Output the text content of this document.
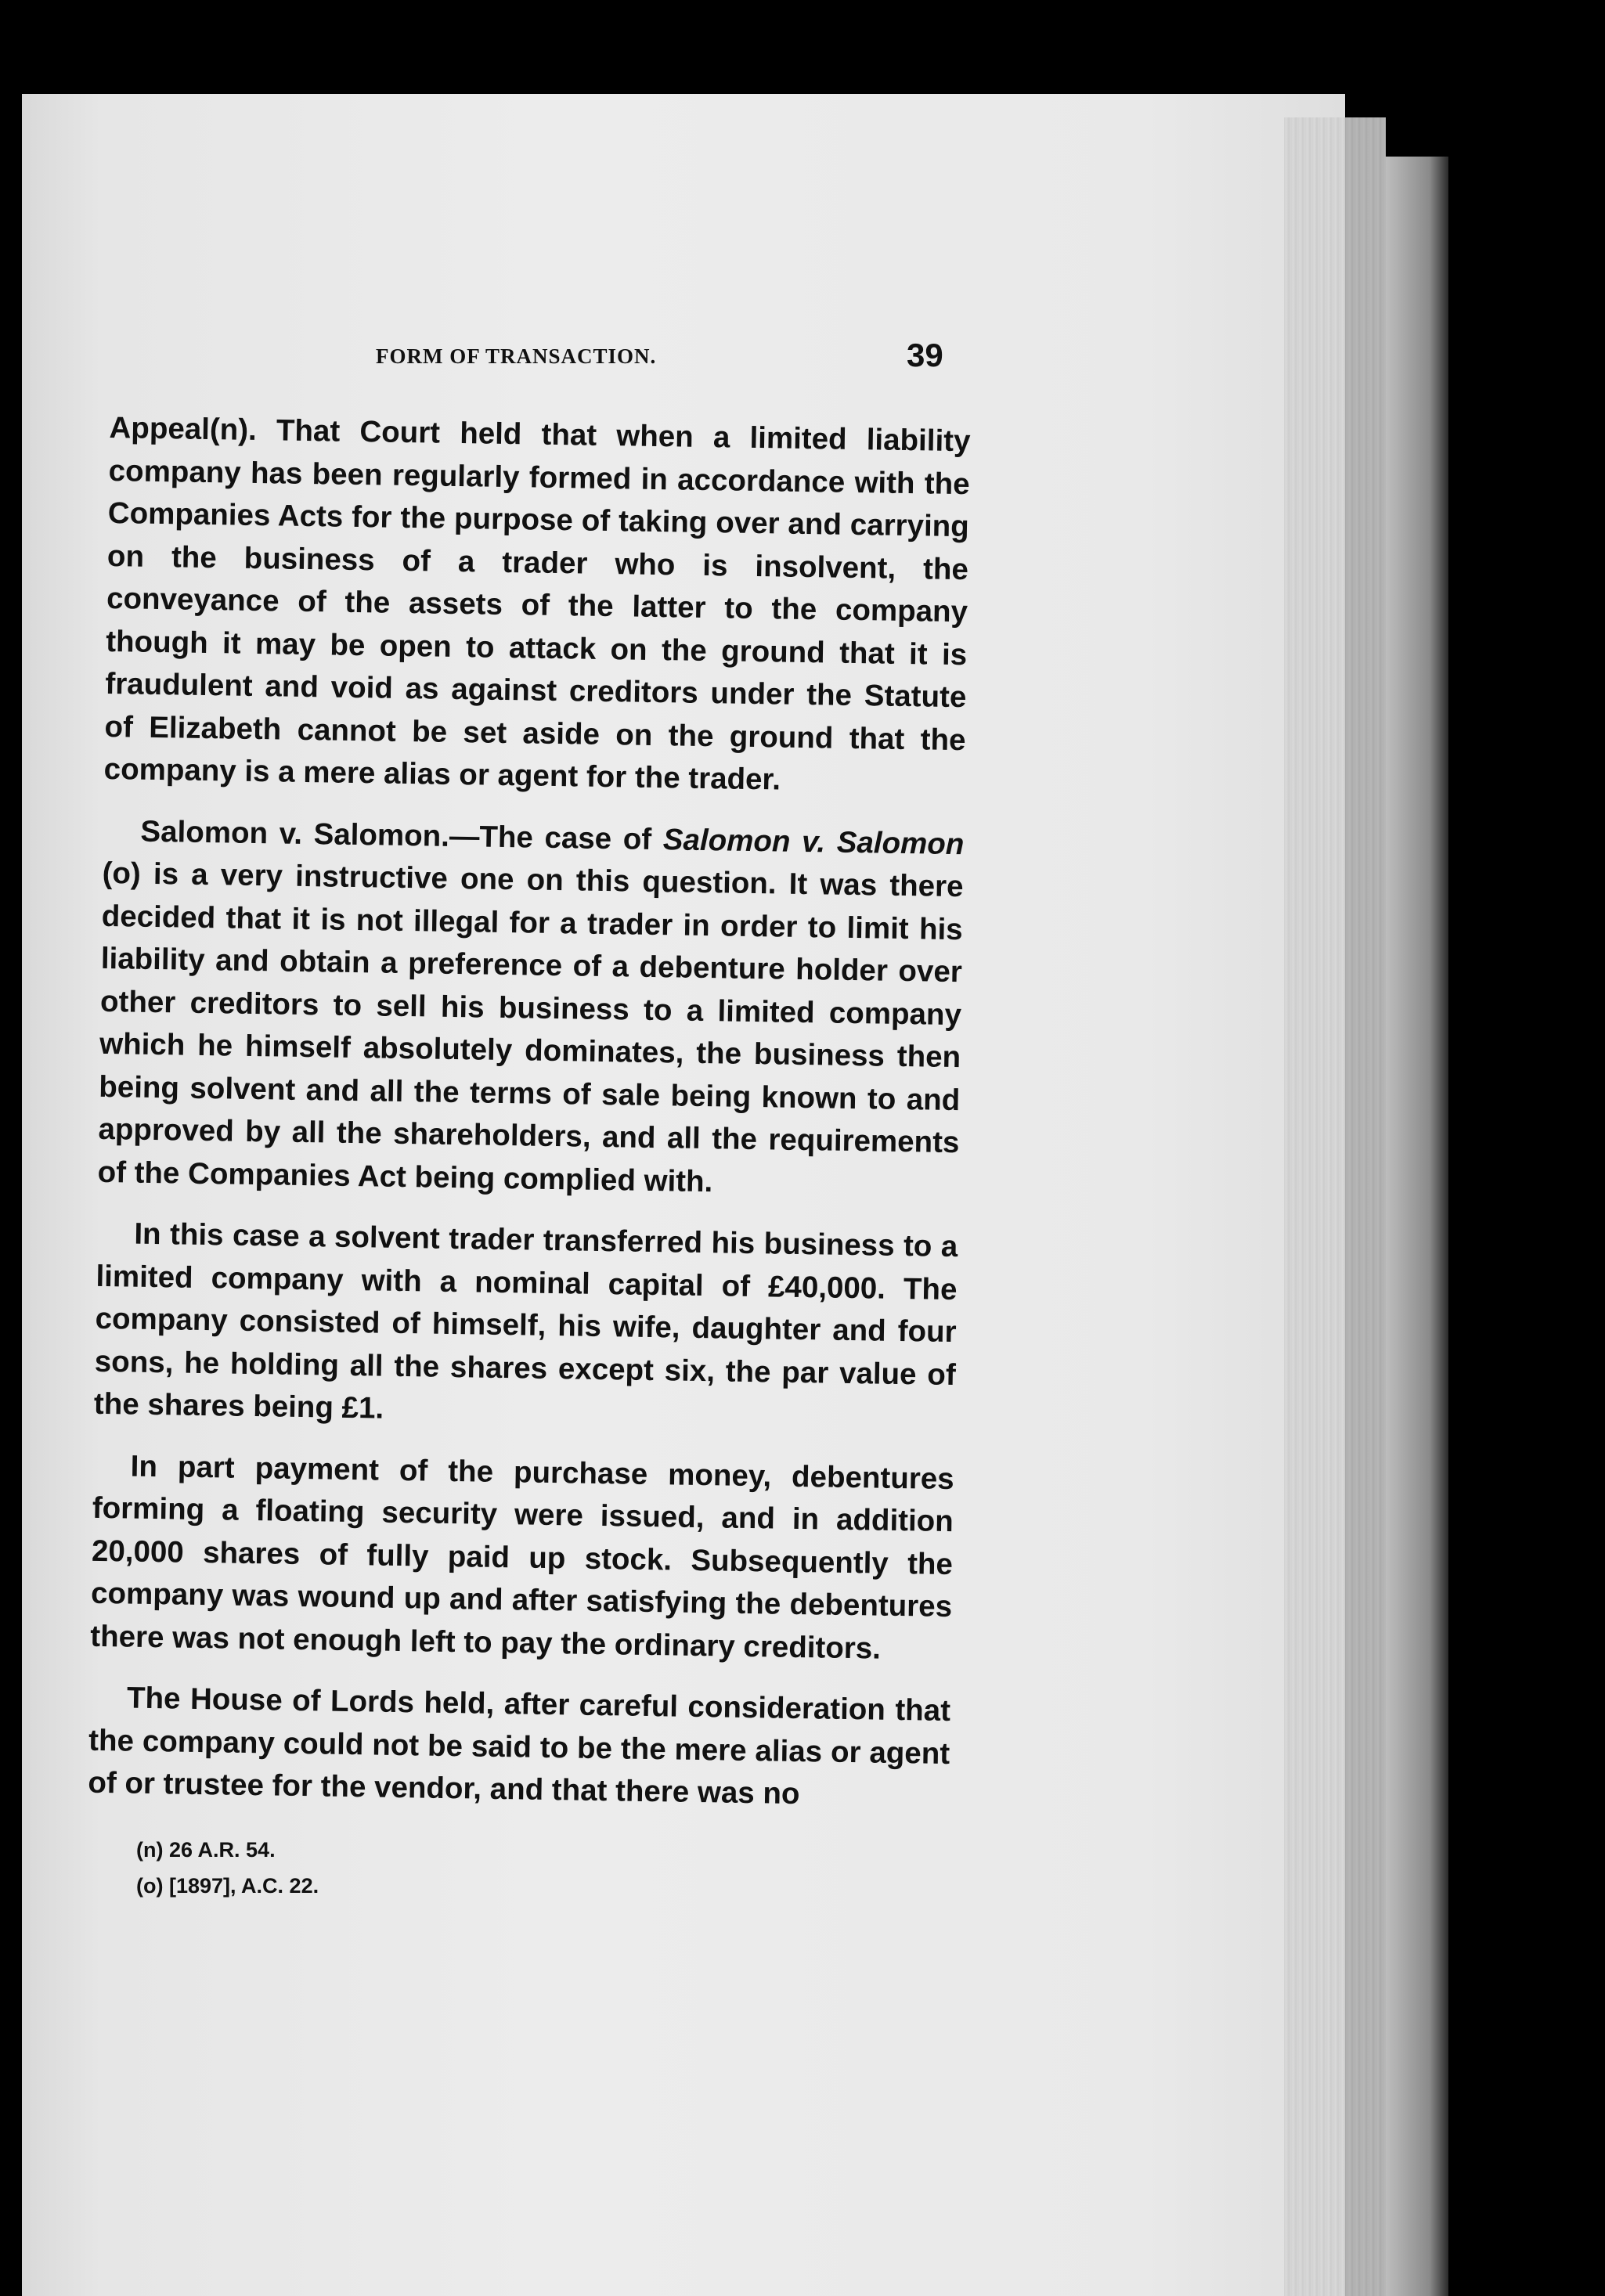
FORM OF TRANSACTION.	39

Appeal(n). That Court held that when a limited liability company has been regularly formed in accordance with the Companies Acts for the purpose of taking over and carrying on the business of a trader who is insolvent, the conveyance of the assets of the latter to the company though it may be open to attack on the ground that it is fraudulent and void as against creditors under the Statute of Elizabeth cannot be set aside on the ground that the company is a mere alias or agent for the trader.

Salomon v. Salomon.—The case of Salomon v. Salomon (o) is a very instructive one on this question. It was there decided that it is not illegal for a trader in order to limit his liability and obtain a preference of a debenture holder over other creditors to sell his business to a limited company which he himself absolutely dominates, the business then being solvent and all the terms of sale being known to and approved by all the shareholders, and all the requirements of the Companies Act being complied with.

In this case a solvent trader transferred his business to a limited company with a nominal capital of £40,000. The company consisted of himself, his wife, daughter and four sons, he holding all the shares except six, the par value of the shares being £1.

In part payment of the purchase money, debentures forming a floating security were issued, and in addition 20,000 shares of fully paid up stock. Subsequently the company was wound up and after satisfying the debentures there was not enough left to pay the ordinary creditors.

The House of Lords held, after careful consideration that the company could not be said to be the mere alias or agent of or trustee for the vendor, and that there was no

(n) 26 A.R. 54.
(o) [1897], A.C. 22.
